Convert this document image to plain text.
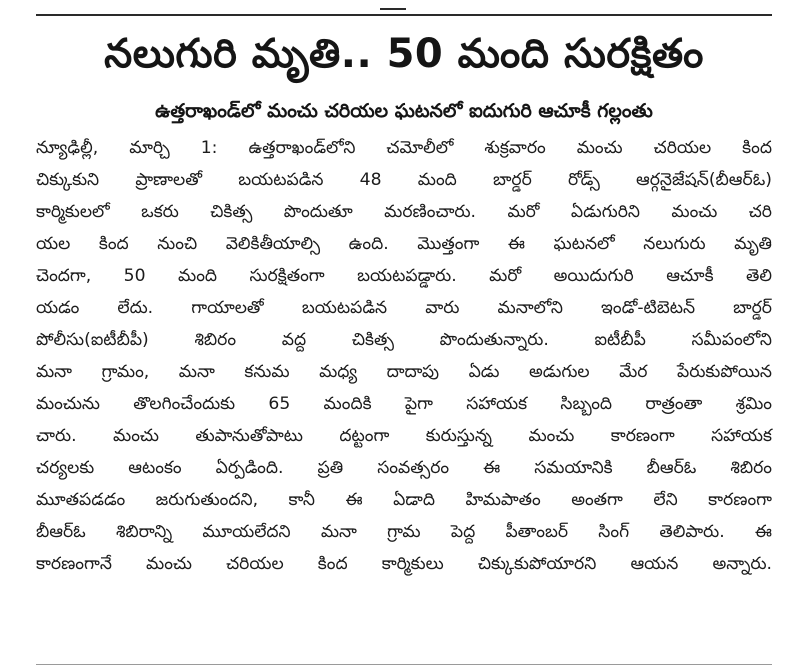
నలుగురి మృతి.. 50 మంది సురక్షితం
ఉత్తరాఖండ్‌లో మంచు చరియల ఘటనలో ఐదుగురి ఆచూకీ గల్లంతు
న్యూఢిల్లీ, మార్చి 1: ఉత్తరాఖండ్‌లోని చమోలీలో శుక్రవారం మంచు చరియల కింద
చిక్కుకుని ప్రాణాలతో బయటపడిన 48 మంది బార్డర్ రోడ్స్ ఆర్గనైజేషన్(బీఆర్‌ఓ)
కార్మికులలో ఒకరు చికిత్స పొందుతూ మరణించారు. మరో ఏడుగురిని మంచు చరి
యల కింద నుంచి వెలికితీయాల్సి ఉంది. మొత్తంగా ఈ ఘటనలో నలుగురు మృతి
చెందగా, 50 మంది సురక్షితంగా బయటపడ్డారు. మరో అయిదుగురి ఆచూకీ తెలి
యడం లేదు. గాయాలతో బయటపడిన వారు మనాలోని ఇండో-టిబెటన్ బార్డర్
పోలీసు(ఐటీబీపీ) శిబిరం వద్ద చికిత్స పొందుతున్నారు. ఐటీబీపీ సమీపంలోని
మనా గ్రామం, మనా కనుమ మధ్య దాదాపు ఏడు అడుగుల మేర పేరుకుపోయిన
మంచును తొలగించేందుకు 65 మందికి పైగా సహాయక సిబ్బంది రాత్రంతా శ్రమిం
చారు. మంచు తుపానుతోపాటు దట్టంగా కురుస్తున్న మంచు కారణంగా సహాయక
చర్యలకు ఆటంకం ఏర్పడింది. ప్రతి సంవత్సరం ఈ సమయానికి బీఆర్‌ఓ శిబిరం
మూతపడడం జరుగుతుందని, కానీ ఈ ఏడాది హిమపాతం అంతగా లేని కారణంగా
బీఆర్‌ఓ శిబిరాన్ని మూయలేదని మనా గ్రామ పెద్ద పీతాంబర్ సింగ్ తెలిపారు. ఈ
కారణంగానే మంచు చరియల కింద కార్మికులు చిక్కుకుపోయారని ఆయన అన్నారు.
